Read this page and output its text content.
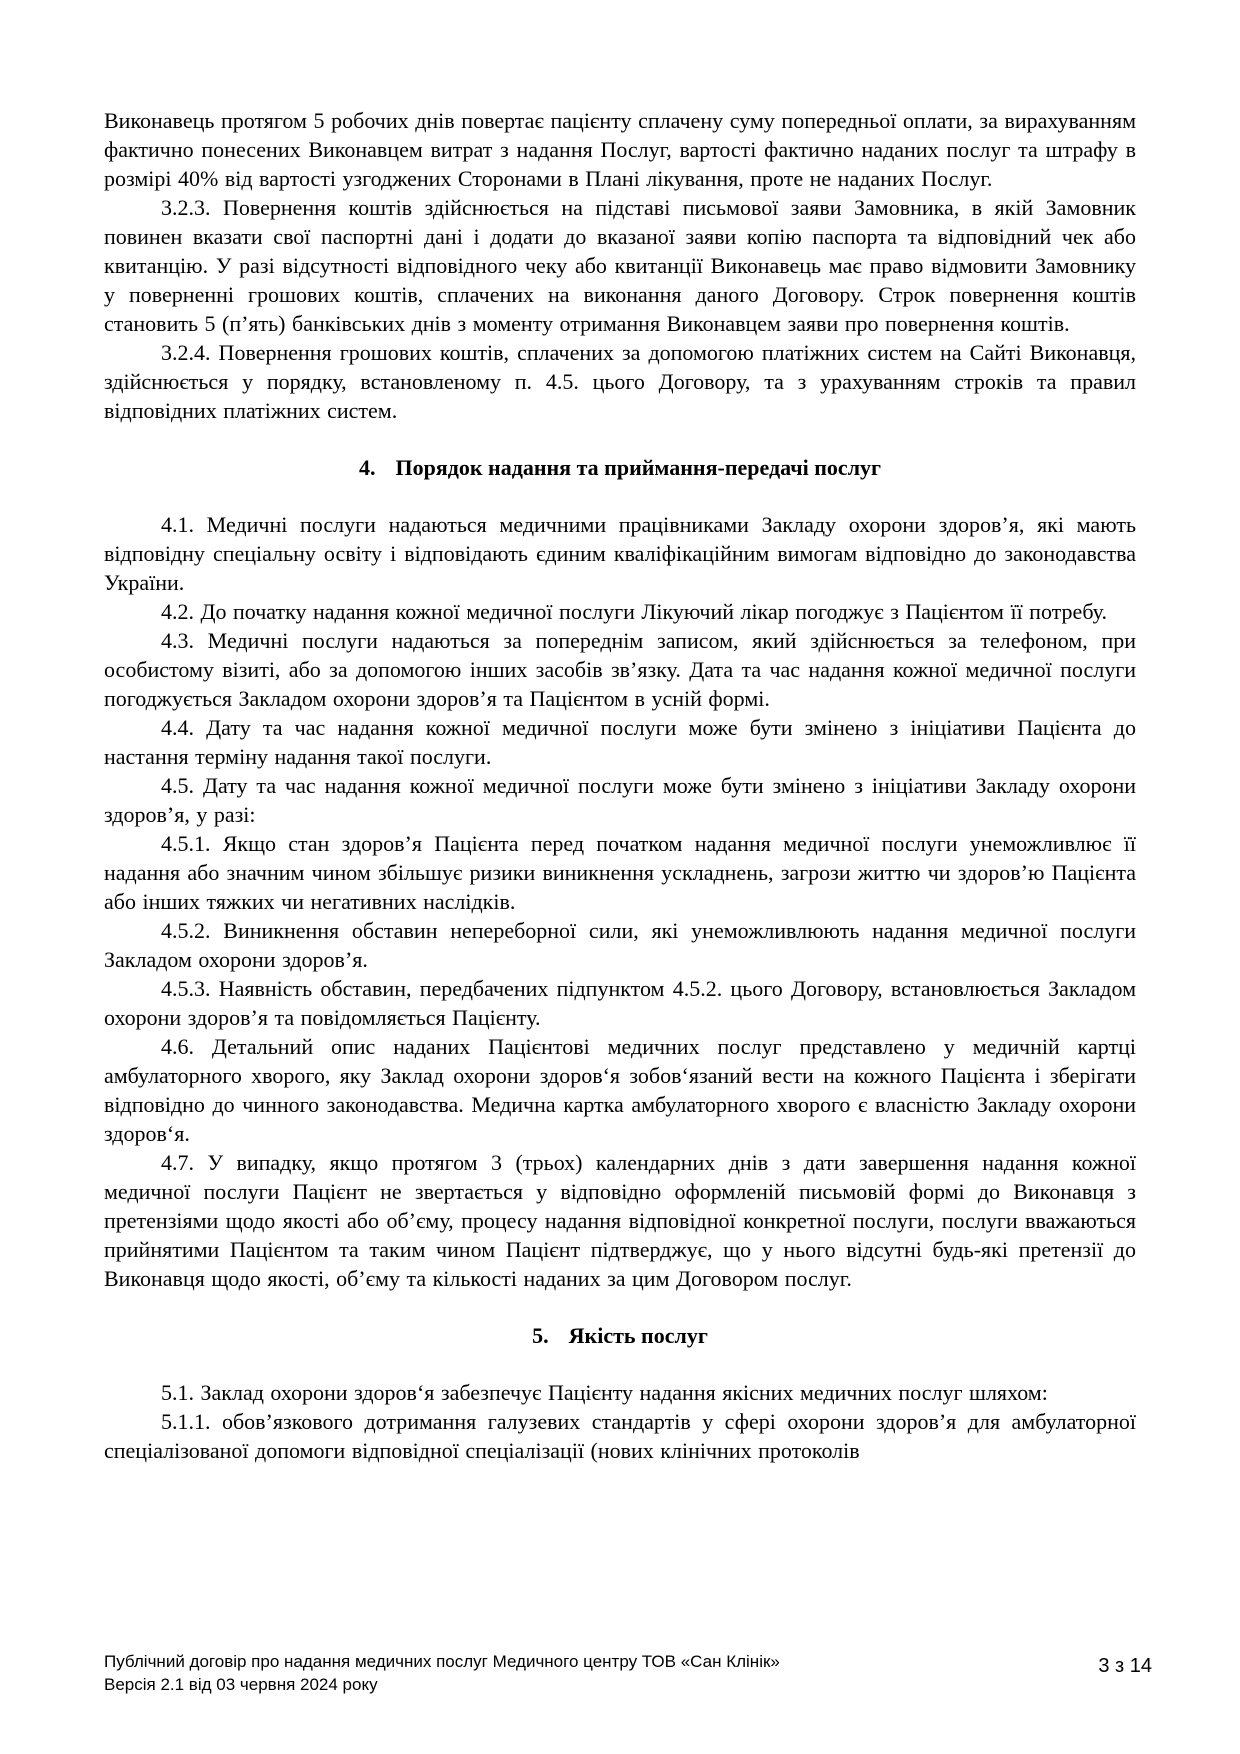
Виконавець протягом 5 робочих днів повертає пацієнту сплачену суму попередньої оплати, за вирахуванням фактично понесених Виконавцем витрат з надання Послуг, вартості фактично наданих послуг та штрафу в розмірі 40% від вартості узгоджених Сторонами в Плані лікування, проте не наданих Послуг.

3.2.3. Повернення коштів здійснюється на підставі письмової заяви Замовника, в якій Замовник повинен вказати свої паспортні дані і додати до вказаної заяви копію паспорта та відповідний чек або квитанцію. У разі відсутності відповідного чеку або квитанції Виконавець має право відмовити Замовнику у поверненні грошових коштів, сплачених на виконання даного Договору. Строк повернення коштів становить 5 (п’ять) банківських днів з моменту отримання Виконавцем заяви про повернення коштів.

3.2.4. Повернення грошових коштів, сплачених за допомогою платіжних систем на Сайті Виконавця, здійснюється у порядку, встановленому п. 4.5. цього Договору, та з урахуванням строків та правил відповідних платіжних систем.

4. Порядок надання та приймання-передачі послуг

4.1. Медичні послуги надаються медичними працівниками Закладу охорони здоров’я, які мають відповідну спеціальну освіту і відповідають єдиним кваліфікаційним вимогам відповідно до законодавства України.

4.2. До початку надання кожної медичної послуги Лікуючий лікар погоджує з Пацієнтом її потребу.

4.3. Медичні послуги надаються за попереднім записом, який здійснюється за телефоном, при особистому візиті, або за допомогою інших засобів зв’язку. Дата та час надання кожної медичної послуги погоджується Закладом охорони здоров’я та Пацієнтом в усній формі.

4.4. Дату та час надання кожної медичної послуги може бути змінено з ініціативи Пацієнта до настання терміну надання такої послуги.

4.5. Дату та час надання кожної медичної послуги може бути змінено з ініціативи Закладу охорони здоров’я, у разі:

4.5.1. Якщо стан здоров’я Пацієнта перед початком надання медичної послуги унеможливлює її надання або значним чином збільшує ризики виникнення ускладнень, загрози життю чи здоров’ю Пацієнта або інших тяжких чи негативних наслідків.

4.5.2. Виникнення обставин непереборної сили, які унеможливлюють надання медичної послуги Закладом охорони здоров’я.

4.5.3. Наявність обставин, передбачених підпунктом 4.5.2. цього Договору, встановлюється Закладом охорони здоров’я та повідомляється Пацієнту.

4.6. Детальний опис наданих Пацієнтові медичних послуг представлено у медичній картці амбулаторного хворого, яку Заклад охорони здоров‘я зобов‘язаний вести на кожного Пацієнта і зберігати відповідно до чинного законодавства. Медична картка амбулаторного хворого є власністю Закладу охорони здоров‘я.

4.7. У випадку, якщо протягом 3 (трьох) календарних днів з дати завершення надання кожної медичної послуги Пацієнт не звертається у відповідно оформленій письмовій формі до Виконавця з претензіями щодо якості або об’єму, процесу надання відповідної конкретної послуги, послуги вважаються прийнятими Пацієнтом та таким чином Пацієнт підтверджує, що у нього відсутні будь-які претензії до Виконавця щодо якості, об’єму та кількості наданих за цим Договором послуг.

5. Якість послуг

5.1. Заклад охорони здоров‘я забезпечує Пацієнту надання якісних медичних послуг шляхом:

5.1.1. обов’язкового дотримання галузевих стандартів у сфері охорони здоров’я для амбулаторної спеціалізованої допомоги відповідної спеціалізації (нових клінічних протоколів

Публічний договір про надання медичних послуг Медичного центру ТОВ «Сан Клінік»
Версія 2.1 від 03 червня 2024 року
3 з 14
